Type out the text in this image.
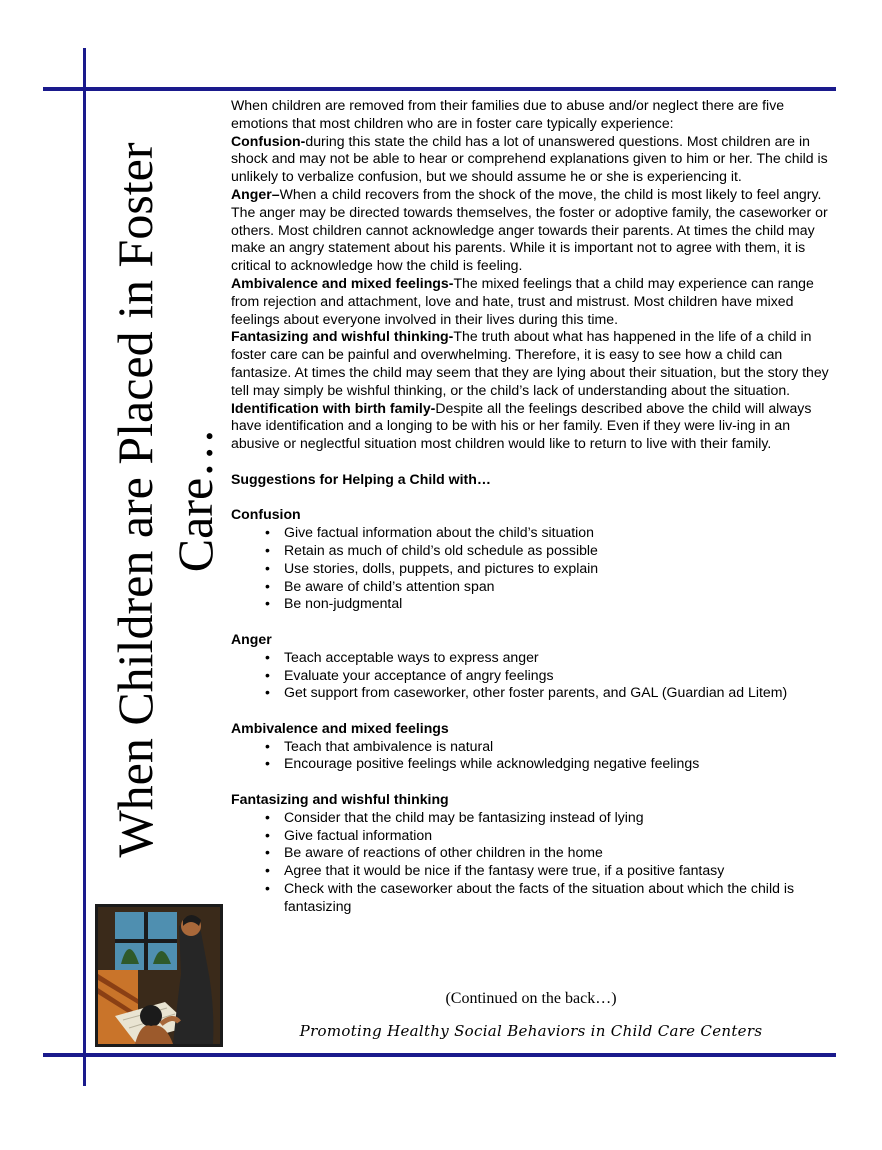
When Children are Placed in Foster Care…

When children are removed from their families due to abuse and/or neglect there are five emotions that most children who are in foster care typically experience:

Confusion-during this state the child has a lot of unanswered questions. Most children are in shock and may not be able to hear or comprehend explanations given to him or her. The child is unlikely to verbalize confusion, but we should assume he or she is experiencing it.

Anger–When a child recovers from the shock of the move, the child is most likely to feel angry. The anger may be directed towards themselves, the foster or adoptive family, the caseworker or others. Most children cannot acknowledge anger towards their parents. At times the child may make an angry statement about his parents. While it is important not to agree with them, it is critical to acknowledge how the child is feeling.

Ambivalence and mixed feelings-The mixed feelings that a child may experience can range from rejection and attachment, love and hate, trust and mistrust. Most children have mixed feelings about everyone involved in their lives during this time.

Fantasizing and wishful thinking-The truth about what has happened in the life of a child in foster care can be painful and overwhelming. Therefore, it is easy to see how a child can fantasize. At times the child may seem that they are lying about their situation, but the story they tell may simply be wishful thinking, or the child’s lack of understanding about the situation.

Identification with birth family-Despite all the feelings described above the child will always have identification and a longing to be with his or her family. Even if they were liv-ing in an abusive or neglectful situation most children would like to return to live with their family.

Suggestions for Helping a Child with…

Confusion

• Give factual information about the child’s situation
• Retain as much of child’s old schedule as possible
• Use stories, dolls, puppets, and pictures to explain
• Be aware of child’s attention span
• Be non-judgmental

Anger

• Teach acceptable ways to express anger
• Evaluate your acceptance of angry feelings
• Get support from caseworker, other foster parents, and GAL (Guardian ad Litem)

Ambivalence and mixed feelings

• Teach that ambivalence is natural
• Encourage positive feelings while acknowledging negative feelings

Fantasizing and wishful thinking

• Consider that the child may be fantasizing instead of lying
• Give factual information
• Be aware of reactions of other children in the home
• Agree that it would be nice if the fantasy were true, if a positive fantasy
• Check with the caseworker about the facts of the situation about which the child is fantasizing
(Continued on the back…)
Promoting Healthy Social Behaviors in Child Care Centers
